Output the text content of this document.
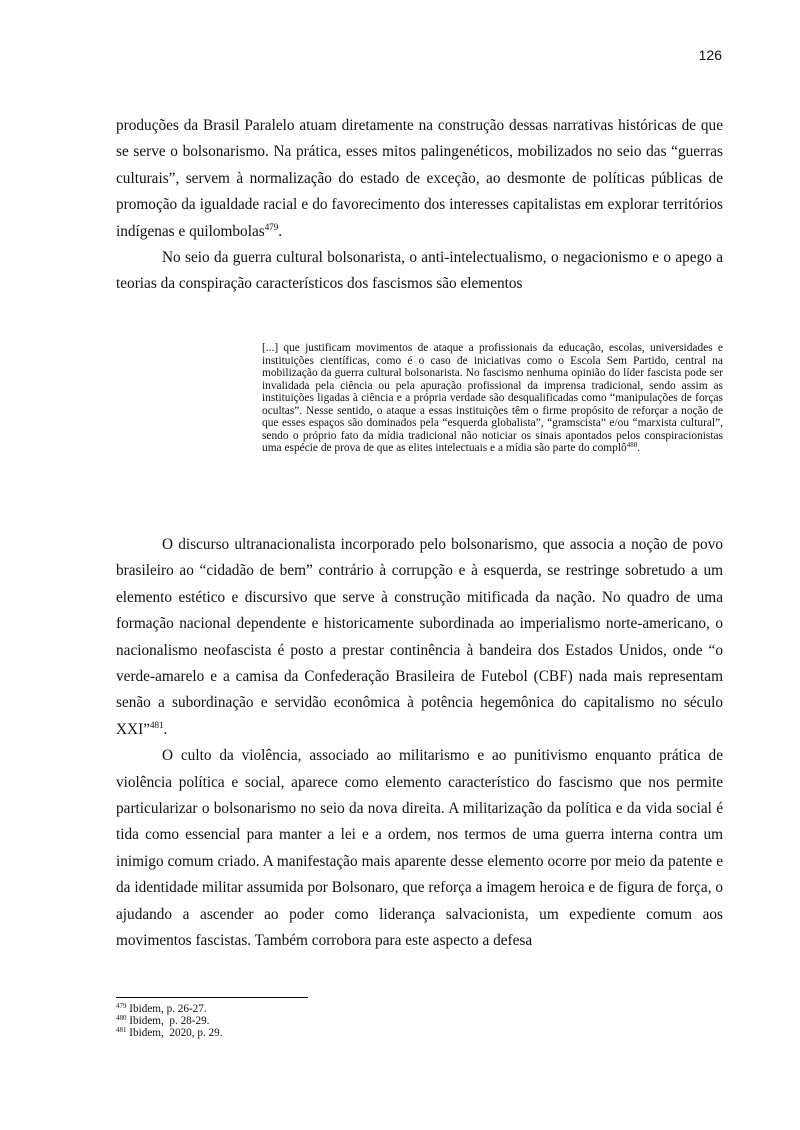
126

produções da Brasil Paralelo atuam diretamente na construção dessas narrativas históricas de que se serve o bolsonarismo. Na prática, esses mitos palingenéticos, mobilizados no seio das “guerras culturais”, servem à normalização do estado de exceção, ao desmonte de políticas públicas de promoção da igualdade racial e do favorecimento dos interesses capitalistas em explorar territórios indígenas e quilombolas$^{479}$.

No seio da guerra cultural bolsonarista, o anti-intelectualismo, o negacionismo e o apego a teorias da conspiração característicos dos fascismos são elementos

[...] que justificam movimentos de ataque a profissionais da educação, escolas, universidades e instituições científicas, como é o caso de iniciativas como o Escola Sem Partido, central na mobilização da guerra cultural bolsonarista. No fascismo nenhuma opinião do líder fascista pode ser invalidada pela ciência ou pela apuração profissional da imprensa tradicional, sendo assim as instituições ligadas à ciência e a própria verdade são desqualificadas como “manipulações de forças ocultas”. Nesse sentido, o ataque a essas instituições têm o firme propósito de reforçar a noção de que esses espaços são dominados pela “esquerda globalista”, “gramscista” e/ou “marxista cultural”, sendo o próprio fato da mídia tradicional não noticiar os sinais apontados pelos conspiracionistas uma espécie de prova de que as elites intelectuais e a mídia são parte do complô$^{480}$.

O discurso ultranacionalista incorporado pelo bolsonarismo, que associa a noção de povo brasileiro ao “cidadão de bem” contrário à corrupção e à esquerda, se restringe sobretudo a um elemento estético e discursivo que serve à construção mitificada da nação. No quadro de uma formação nacional dependente e historicamente subordinada ao imperialismo norte-americano, o nacionalismo neofascista é posto a prestar continência à bandeira dos Estados Unidos, onde “o verde-amarelo e a camisa da Confederação Brasileira de Futebol (CBF) nada mais representam senão a subordinação e servidão econômica à potência hegemônica do capitalismo no século XXI”$^{481}$.

O culto da violência, associado ao militarismo e ao punitivismo enquanto prática de violência política e social, aparece como elemento característico do fascismo que nos permite particularizar o bolsonarismo no seio da nova direita. A militarização da política e da vida social é tida como essencial para manter a lei e a ordem, nos termos de uma guerra interna contra um inimigo comum criado. A manifestação mais aparente desse elemento ocorre por meio da patente e da identidade militar assumida por Bolsonaro, que reforça a imagem heroica e de figura de força, o ajudando a ascender ao poder como liderança salvacionista, um expediente comum aos movimentos fascistas. Também corrobora para este aspecto a defesa

$^{479}$ Ibidem, p. 26-27.
$^{480}$ Ibidem,  p. 28-29.
$^{481}$ Ibidem,  2020, p. 29.
